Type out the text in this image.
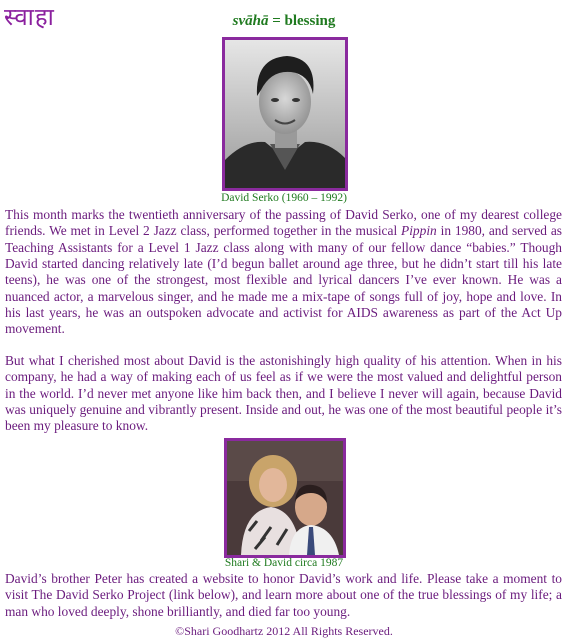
स्वाहा	svāhā = blessing
David Serko (1960 – 1992)
This month marks the twentieth anniversary of the passing of David Serko, one of my dearest college friends. We met in Level 2 Jazz class, performed together in the musical Pippin in 1980, and served as Teaching Assistants for a Level 1 Jazz class along with many of our fellow dance “babies.” Though David started dancing relatively late (I’d begun ballet around age three, but he didn’t start till his late teens), he was one of the strongest, most flexible and lyrical dancers I’ve ever known. He was a nuanced actor, a marvelous singer, and he made me a mix-tape of songs full of joy, hope and love. In his last years, he was an outspoken advocate and activist for AIDS awareness as part of the Act Up movement.
But what I cherished most about David is the astonishingly high quality of his attention. When in his company, he had a way of making each of us feel as if we were the most valued and delightful person in the world. I’d never met anyone like him back then, and I believe I never will again, because David was uniquely genuine and vibrantly present. Inside and out, he was one of the most beautiful people it’s been my pleasure to know.
Shari & David circa 1987
David’s brother Peter has created a website to honor David’s work and life. Please take a moment to visit The David Serko Project (link below), and learn more about one of the true blessings of my life; a man who loved deeply, shone brilliantly, and died far too young.
©Shari Goodhartz 2012 All Rights Reserved.
